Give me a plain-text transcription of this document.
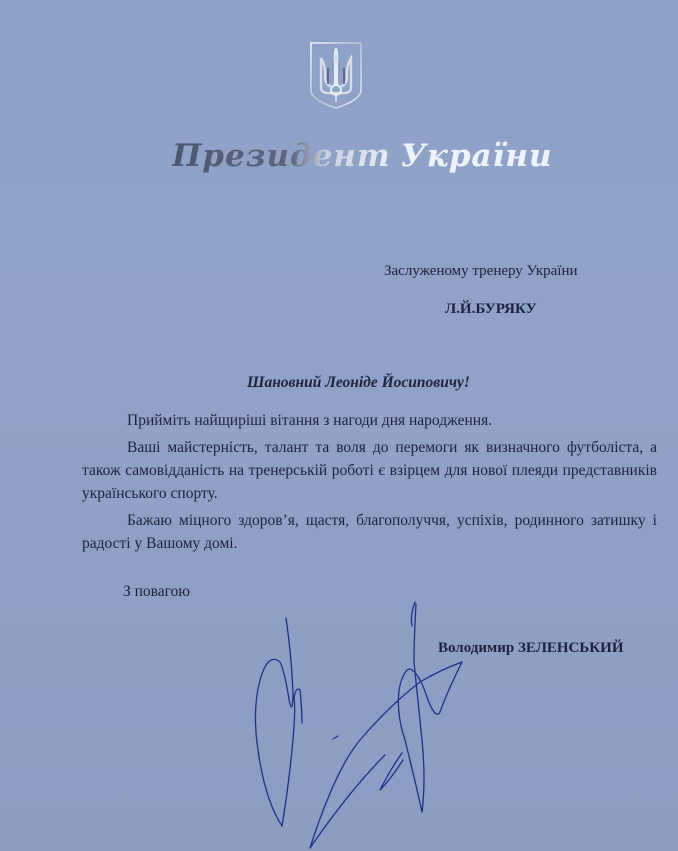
Президент України
Заслуженому тренеру України
Л.Й.БУРЯКУ
Шановний Леоніде Йосиповичу!

Прийміть найщиріші вітання з нагоди дня народження.

Ваші майстерність, талант та воля до перемоги як визначного футболіста, а також самовідданість на тренерській роботі є взірцем для нової плеяди представників українського спорту.

Бажаю міцного здоров’я, щастя, благополуччя, успіхів, родинного затишку і радості у Вашому домі.

З повагою
Володимир ЗЕЛЕНСЬКИЙ
